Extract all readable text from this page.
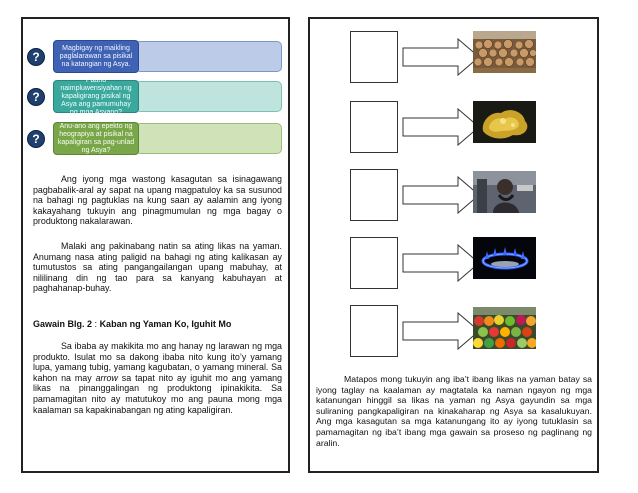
?
Magbigay ng maikling paglalarawan sa pisikal na katangian ng Asya.
?
Paano naimpluwensiyahan ng kapaligirang pisikal ng Asya ang pamumuhay ng mga Asyano?
?
Anu-ano ang epekto ng heograpiya at pisikal na kapaligiran sa pag-unlad ng Asya?
Ang iyong mga wastong kasagutan sa isinagawang pagbabalik-aral ay sapat na upang magpatuloy ka sa susunod na bahagi ng pagtuklas na kung saan ay aalamin ang iyong kakayahang tukuyin ang pinagmumulan ng mga bagay o produktong nakalarawan.
Malaki ang pakinabang natin sa ating likas na yaman. Anumang nasa ating paligid na bahagi ng ating kalikasan ay tumutustos sa ating pangangailangan upang mabuhay, at nililinang din ng tao para sa kanyang kabuhayan at paghahanap-buhay.
Gawain Blg. 2 : Kaban ng Yaman Ko, Iguhit Mo
Sa ibaba ay makikita mo ang hanay ng larawan ng mga produkto. Isulat mo sa dakong ibaba nito kung ito’y yamang lupa, yamang tubig, yamang kagubatan, o yamang mineral. Sa kahon na may arrow sa tapat nito ay iguhit mo ang yamang likas na pinanggalingan ng produktong ipinakikita. Sa pamamagitan nito ay matutukoy mo ang pauna mong mga kaalaman sa kapakinabangan ng ating kapaligiran.
Matapos mong tukuyin ang iba’t ibang likas na yaman batay sa iyong taglay na kaalaman ay magtatala ka naman ngayon ng mga katanungan hinggil sa likas na yaman ng Asya gayundin sa mga suliraning pangkapaligiran na kinakaharap ng Asya sa kasalukuyan. Ang mga kasagutan sa mga katanungang ito ay iyong tutuklasin sa pamamagitan ng iba’t ibang mga gawain sa proseso ng paglinang ng aralin.
